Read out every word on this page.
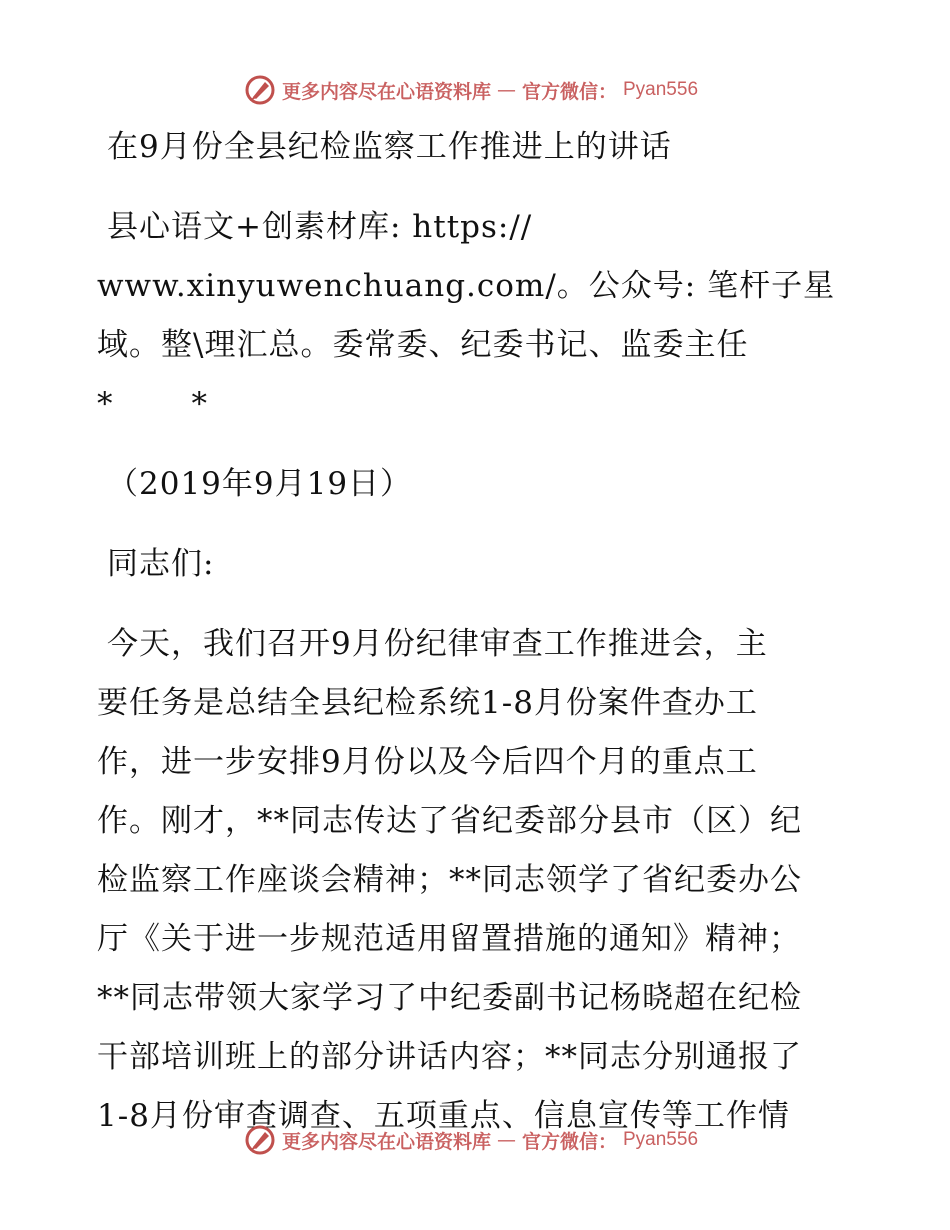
更多内容尽在心语资料库 — 官方微信： Pyan556
在9月份全县纪检监察工作推进上的讲话
县心语文+创素材库: https://
www.xinyuwenchuang.com/。公众号: 笔杆子星
域。整\理汇总。委常委、纪委书记、监委主任
*　*
（2019年9月19日）
同志们:
今天，我们召开9月份纪律审查工作推进会，主
要任务是总结全县纪检系统1-8月份案件查办工
作，进一步安排9月份以及今后四个月的重点工
作。刚才，**同志传达了省纪委部分县市（区）纪
检监察工作座谈会精神；**同志领学了省纪委办公
厅《关于进一步规范适用留置措施的通知》精神；
**同志带领大家学习了中纪委副书记杨晓超在纪检
干部培训班上的部分讲话内容；**同志分别通报了
1-8月份审查调查、五项重点、信息宣传等工作情
更多内容尽在心语资料库 — 官方微信： Pyan556
